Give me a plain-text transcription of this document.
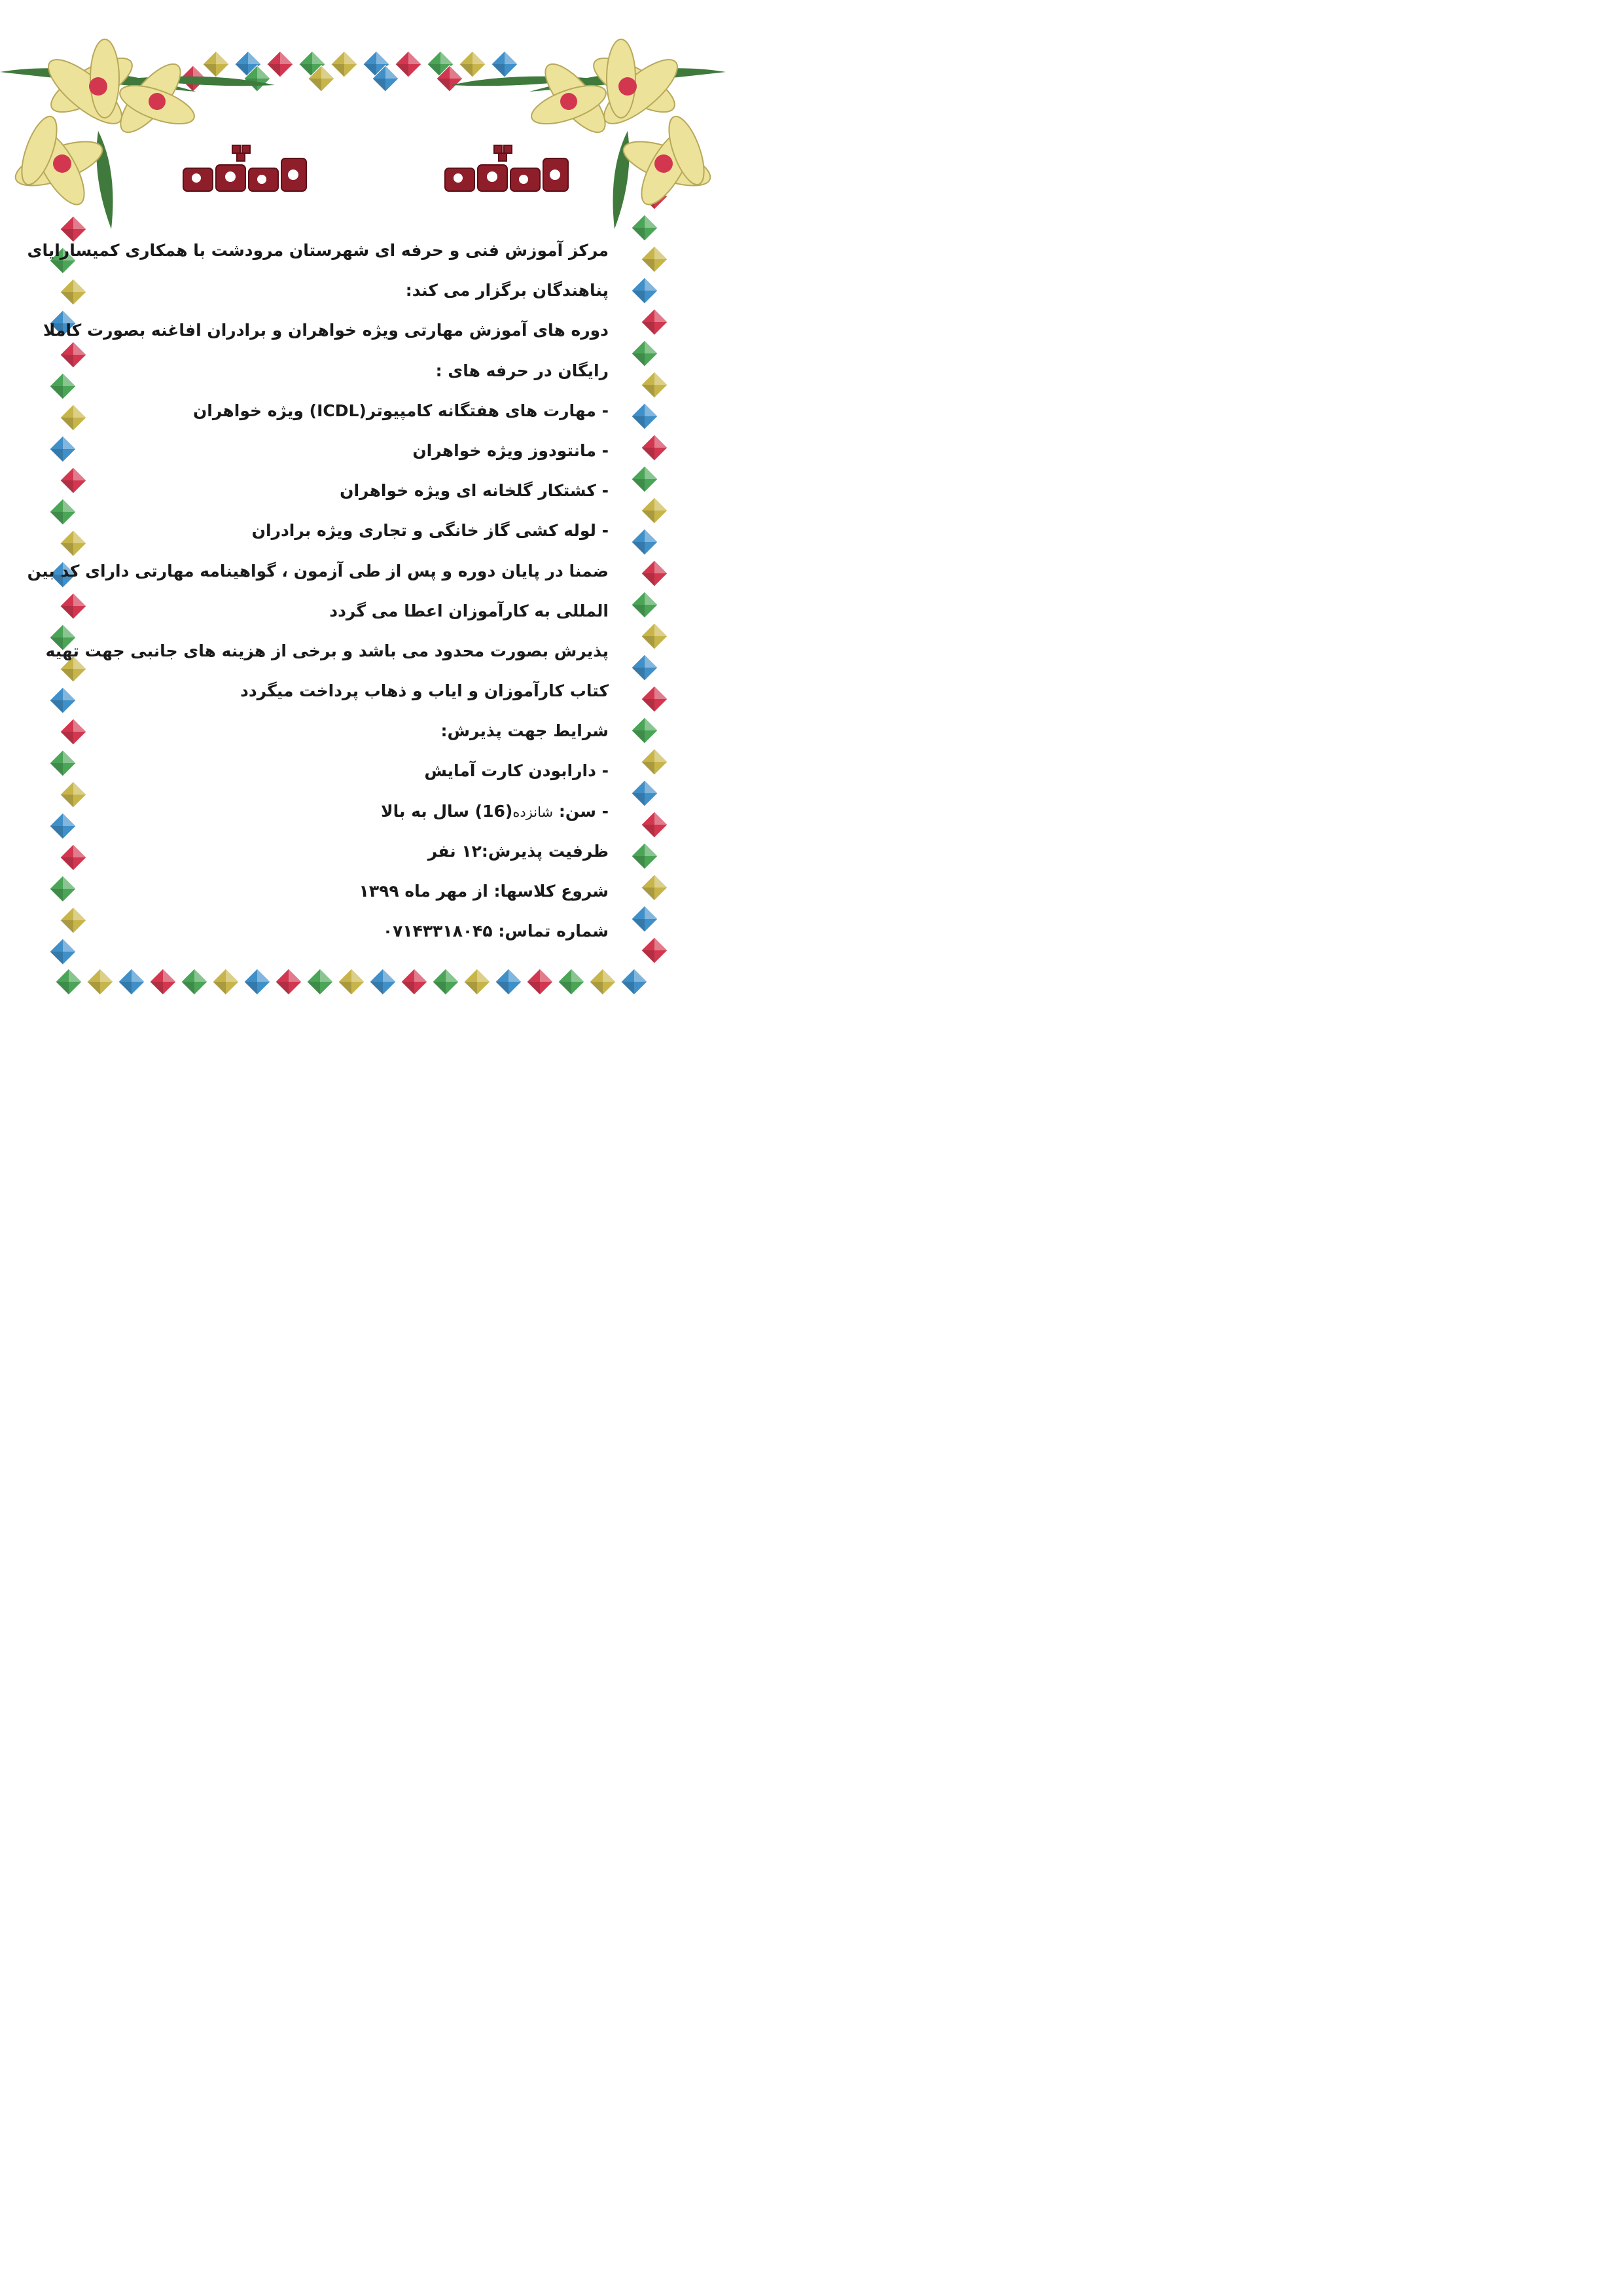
مرکز آموزش فنی و حرفه ای شهرستان مرودشت با همکاری کمیسارایای

پناهندگان برگزار می کند:

دوره های آموزش مهارتی ویژه خواهران و برادران افاغنه بصورت کاملا

رایگان در حرفه های :

- مهارت های هفتگانه کامپیوتر(ICDL) ویژه خواهران

- مانتودوز ویژه خواهران

- کشتکار گلخانه ای ویژه خواهران

- لوله کشی گاز خانگی و تجاری ویژه برادران

ضمنا در پایان دوره و پس از طی آزمون ، گواهینامه مهارتی دارای کد بین

المللی به کارآموزان اعطا می گردد

پذیرش بصورت محدود می باشد و برخی از هزینه های جانبی جهت تهیه

کتاب کارآموزان و ایاب و ذهاب پرداخت میگردد

شرایط جهت پذیرش:

- دارابودن کارت آمایش

- سن: شانزده(16) سال به بالا

ظرفیت پذیرش:۱۲ نفر

شروع کلاسها: از مهر ماه ۱۳۹۹

شماره تماس: ۰۷۱۴۳۳۱۸۰۴۵
